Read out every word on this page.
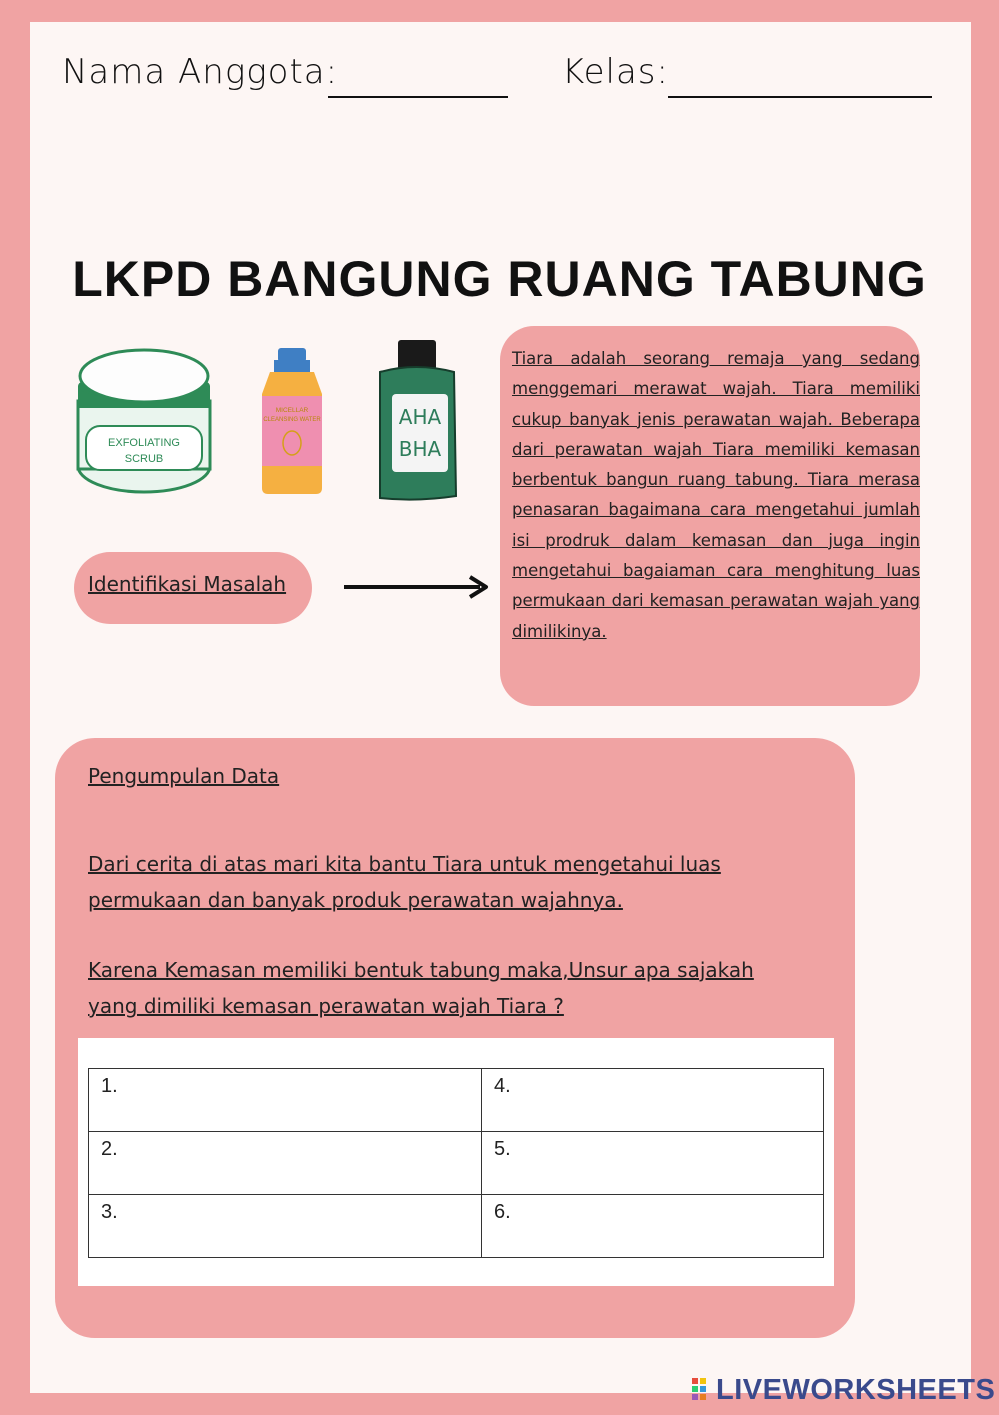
Nama Anggota:	Kelas:
LKPD BANGUNG RUANG TABUNG
EXFOLIATING
SCRUB
MICELLAR
CLEANSING WATER	AHA
BHA
Tiara adalah seorang remaja yang sedang menggemari merawat wajah. Tiara memiliki cukup banyak jenis perawatan wajah. Beberapa dari perawatan wajah Tiara memiliki kemasan berbentuk bangun ruang tabung. Tiara merasa penasaran bagaimana cara mengetahui jumlah isi prodruk dalam kemasan dan juga ingin mengetahui bagaiaman cara menghitung luas permukaan dari kemasan perawatan wajah yang dimilikinya.
Identifikasi Masalah
Pengumpulan Data
Dari cerita di atas mari kita bantu Tiara untuk mengetahui luas permukaan dan banyak produk perawatan wajahnya.
Karena Kemasan memiliki bentuk tabung maka,Unsur apa sajakah yang dimiliki kemasan perawatan wajah Tiara ?
1.	4.
2.	5.
3.	6.
LIVEWORKSHEETS
